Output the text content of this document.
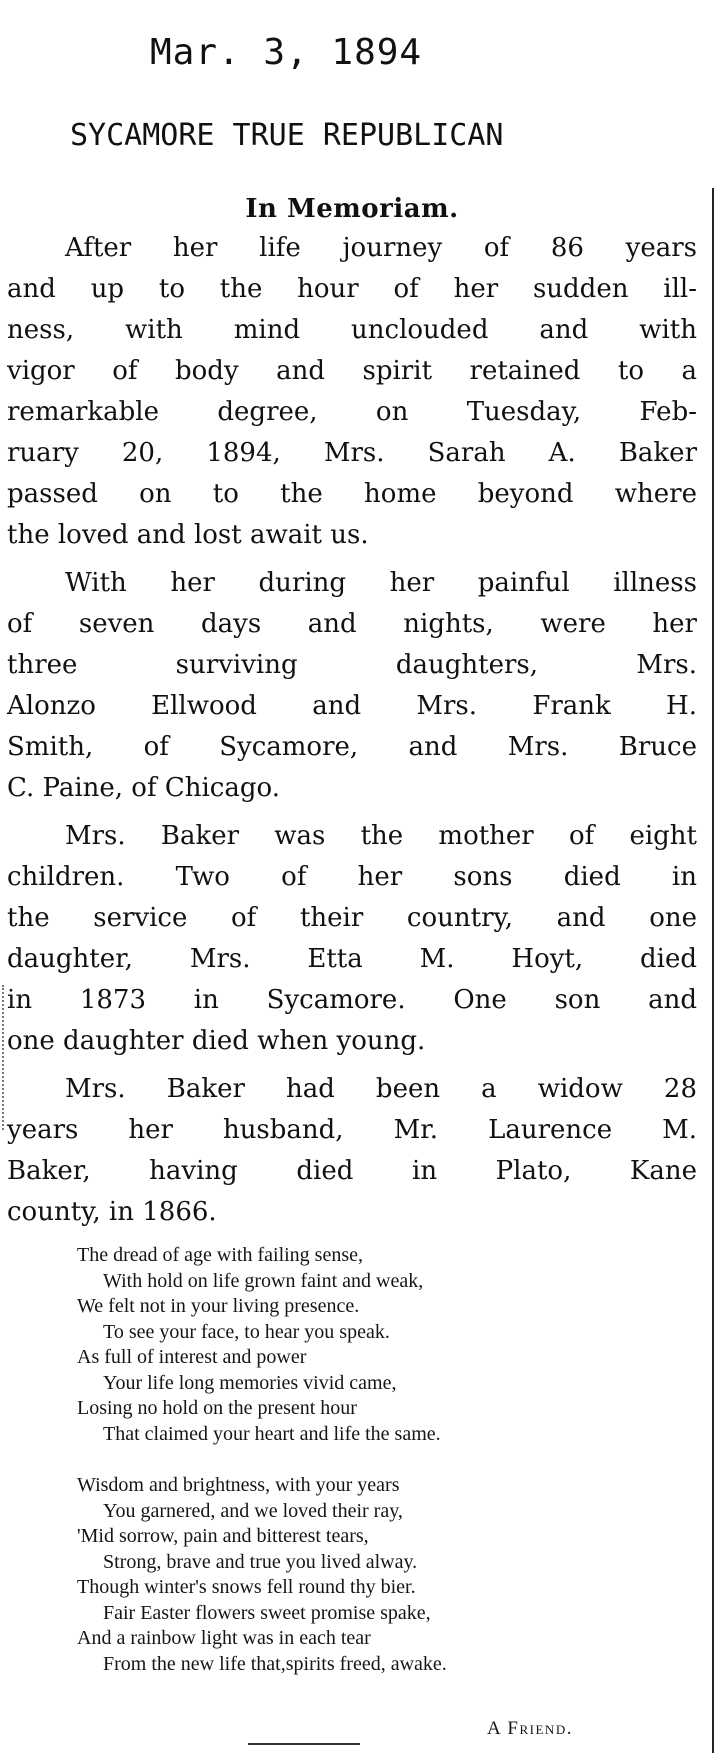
Mar. 3, 1894
SYCAMORE TRUE REPUBLICAN
In Memoriam.
After her life journey of 86 years
and up to the hour of her sudden ill-
ness, with mind unclouded and with
vigor of body and spirit retained to a
remarkable degree, on Tuesday, Feb-
ruary 20, 1894, Mrs. Sarah A. Baker
passed on to the home beyond where
the loved and lost await us.
With her during her painful illness
of seven days and nights, were her
three surviving daughters, Mrs.
Alonzo Ellwood and Mrs. Frank H.
Smith, of Sycamore, and Mrs. Bruce
C. Paine, of Chicago.
Mrs. Baker was the mother of eight
children. Two of her sons died in
the service of their country, and one
daughter, Mrs. Etta M. Hoyt, died
in 1873 in Sycamore. One son and
one daughter died when young.
Mrs. Baker had been a widow 28
years her husband, Mr. Laurence M.
Baker, having died in Plato, Kane
county, in 1866.
The dread of age with failing sense,
With hold on life grown faint and weak,
We felt not in your living presence.
To see your face, to hear you speak.
As full of interest and power
Your life long memories vivid came,
Losing no hold on the present hour
That claimed your heart and life the same.
Wisdom and brightness, with your years
You garnered, and we loved their ray,
'Mid sorrow, pain and bitterest tears,
Strong, brave and true you lived alway.
Though winter's snows fell round thy bier.
Fair Easter flowers sweet promise spake,
And a rainbow light was in each tear
From the new life that,spirits freed, awake.
A Friend.
